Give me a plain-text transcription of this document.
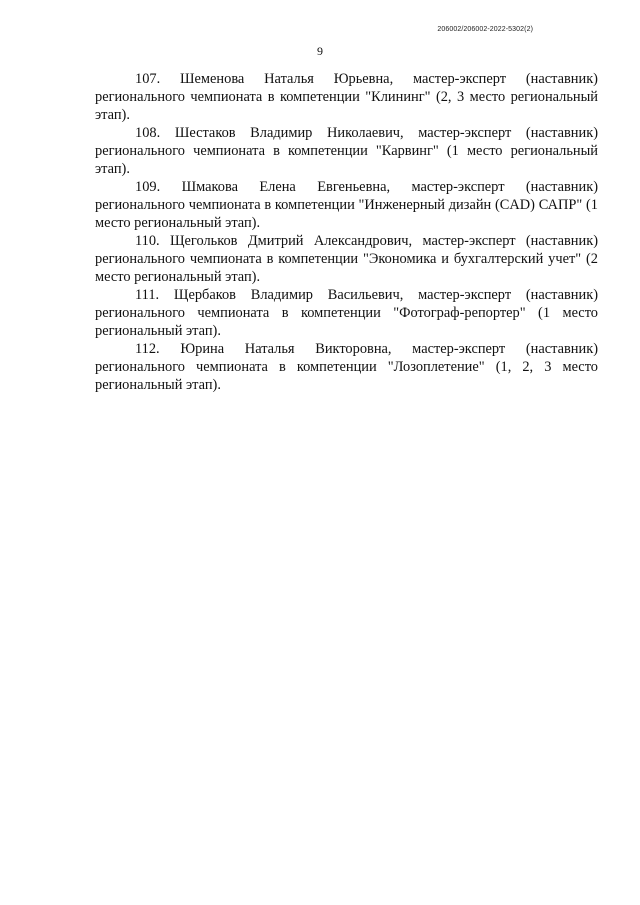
206002/206002-2022-5302(2)
9

107. Шеменова Наталья Юрьевна, мастер-эксперт (наставник) регионального чемпионата в компетенции "Клининг" (2, 3 место региональный этап).

108. Шестаков Владимир Николаевич, мастер-эксперт (наставник) регионального чемпионата в компетенции "Карвинг" (1 место региональный этап).

109. Шмакова Елена Евгеньевна, мастер-эксперт (наставник) регионального чемпионата в компетенции "Инженерный дизайн (CAD) САПР" (1 место региональный этап).

110. Щегольков Дмитрий Александрович, мастер-эксперт (наставник) регионального чемпионата в компетенции "Экономика и бухгалтерский учет" (2 место региональный этап).

111. Щербаков Владимир Васильевич, мастер-эксперт (наставник) регионального чемпионата в компетенции "Фотограф-репортер" (1 место региональный этап).

112. Юрина Наталья Викторовна, мастер-эксперт (наставник) регионального чемпионата в компетенции "Лозоплетение" (1, 2, 3 место региональный этап).
